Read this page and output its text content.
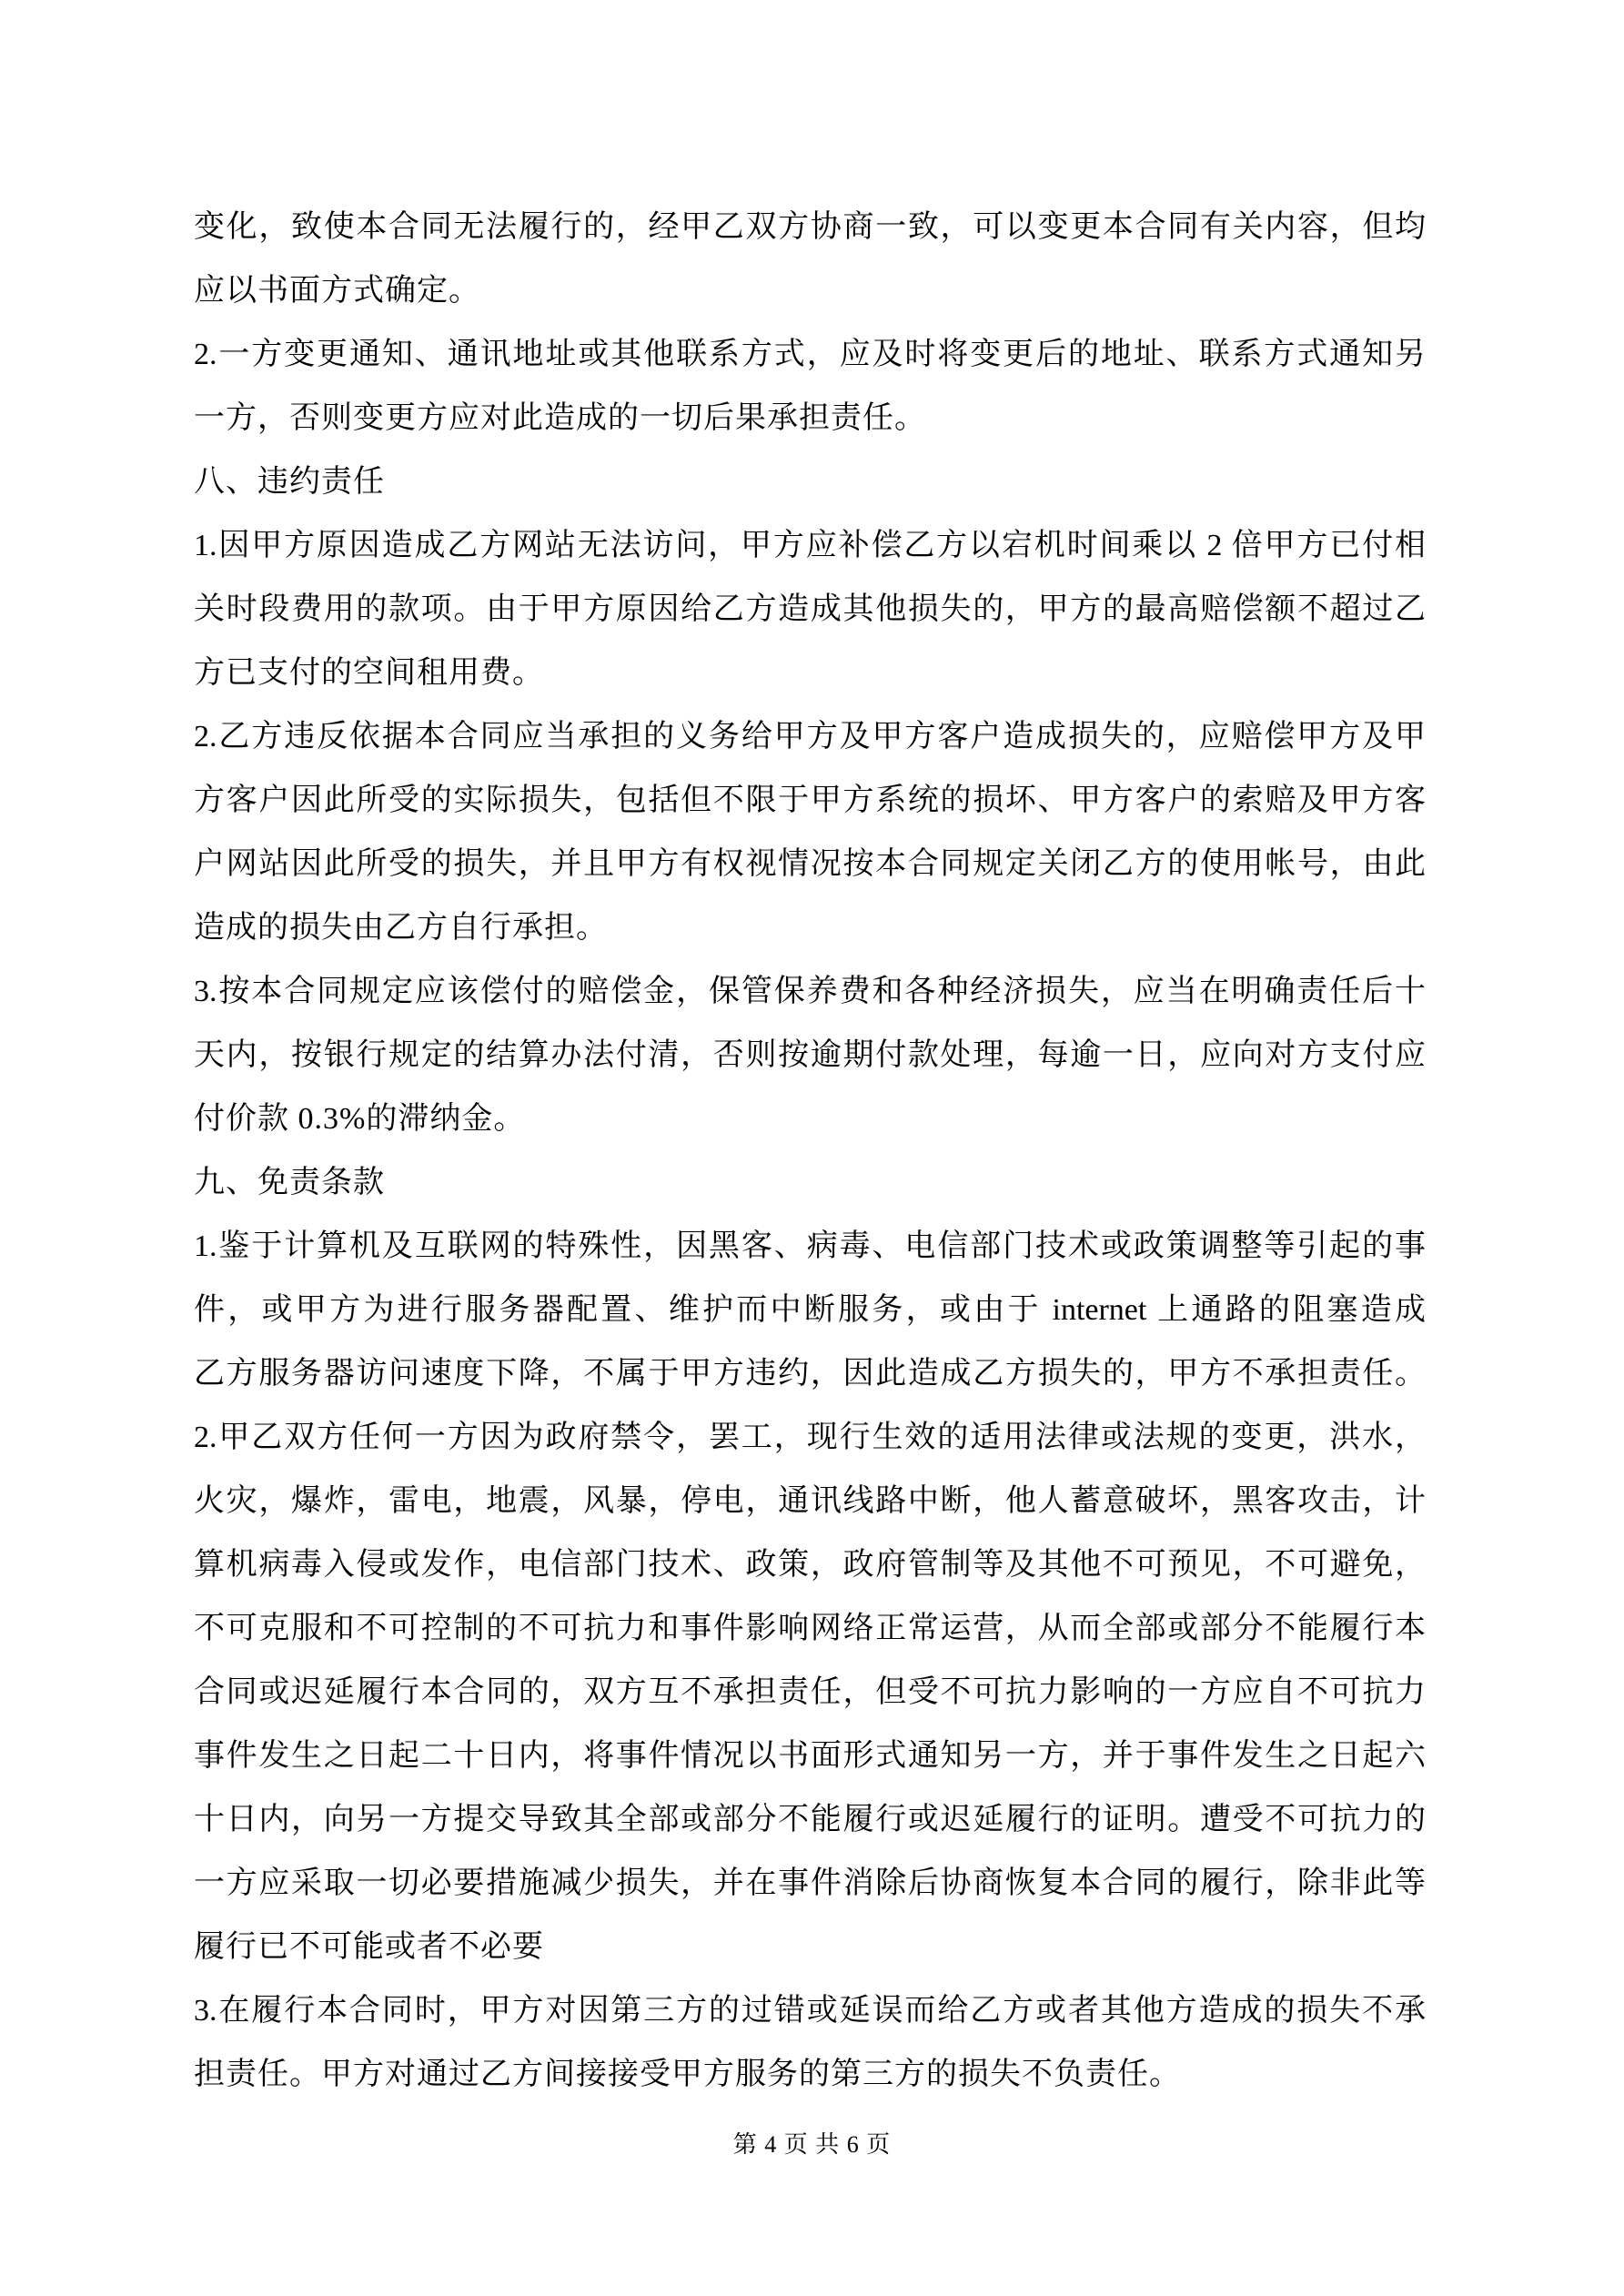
变化，致使本合同无法履行的，经甲乙双方协商一致，可以变更本合同有关内容，但均
应以书面方式确定。
2.一方变更通知、通讯地址或其他联系方式，应及时将变更后的地址、联系方式通知另
一方，否则变更方应对此造成的一切后果承担责任。
八、违约责任
1.因甲方原因造成乙方网站无法访问，甲方应补偿乙方以宕机时间乘以 2 倍甲方已付相
关时段费用的款项。由于甲方原因给乙方造成其他损失的，甲方的最高赔偿额不超过乙
方已支付的空间租用费。
2.乙方违反依据本合同应当承担的义务给甲方及甲方客户造成损失的，应赔偿甲方及甲
方客户因此所受的实际损失，包括但不限于甲方系统的损坏、甲方客户的索赔及甲方客
户网站因此所受的损失，并且甲方有权视情况按本合同规定关闭乙方的使用帐号，由此
造成的损失由乙方自行承担。
3.按本合同规定应该偿付的赔偿金，保管保养费和各种经济损失，应当在明确责任后十
天内，按银行规定的结算办法付清，否则按逾期付款处理，每逾一日，应向对方支付应
付价款 0.3%的滞纳金。
九、免责条款
1.鉴于计算机及互联网的特殊性，因黑客、病毒、电信部门技术或政策调整等引起的事
件，或甲方为进行服务器配置、维护而中断服务，或由于 internet 上通路的阻塞造成
乙方服务器访问速度下降，不属于甲方违约，因此造成乙方损失的，甲方不承担责任。
2.甲乙双方任何一方因为政府禁令，罢工，现行生效的适用法律或法规的变更，洪水，
火灾，爆炸，雷电，地震，风暴，停电，通讯线路中断，他人蓄意破坏，黑客攻击，计
算机病毒入侵或发作，电信部门技术、政策，政府管制等及其他不可预见，不可避免，
不可克服和不可控制的不可抗力和事件影响网络正常运营，从而全部或部分不能履行本
合同或迟延履行本合同的，双方互不承担责任，但受不可抗力影响的一方应自不可抗力
事件发生之日起二十日内，将事件情况以书面形式通知另一方，并于事件发生之日起六
十日内，向另一方提交导致其全部或部分不能履行或迟延履行的证明。遭受不可抗力的
一方应采取一切必要措施减少损失，并在事件消除后协商恢复本合同的履行，除非此等
履行已不可能或者不必要
3.在履行本合同时，甲方对因第三方的过错或延误而给乙方或者其他方造成的损失不承
担责任。甲方对通过乙方间接接受甲方服务的第三方的损失不负责任。
第 4 页 共 6 页
